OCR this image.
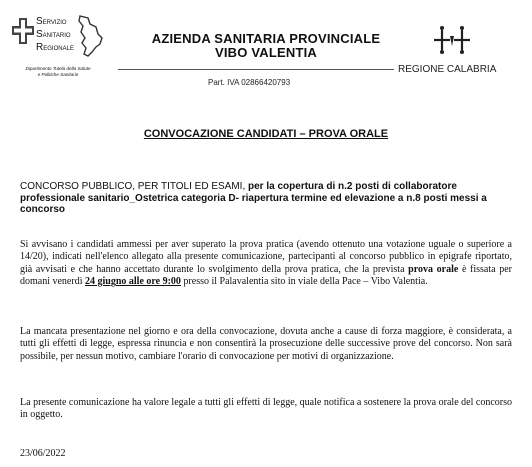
SERVIZIO
SANITARIO
REGIONALE
Dipartimento Tutela della Salute
e Politiche Sanitarie
AZIENDA SANITARIA PROVINCIALE
VIBO VALENTIA
REGIONE CALABRIA
Part. IVA 02866420793
CONVOCAZIONE CANDIDATI – PROVA ORALE
CONCORSO PUBBLICO, PER TITOLI ED ESAMI, per la copertura di n.2 posti di collaboratore professionale sanitario_Ostetrica categoria D- riapertura termine ed elevazione a n.8 posti messi a concorso
Si avvisano i candidati ammessi per aver superato la prova pratica (avendo ottenuto una votazione uguale o superiore a 14/20), indicati nell'elenco allegato alla presente comunicazione, partecipanti al concorso pubblico in epigrafe riportato, già avvisati e che hanno accettato durante lo svolgimento della prova pratica, che la prevista prova orale è fissata per domani venerdì 24 giugno alle ore 9:00 presso il Palavalentia sito in viale della Pace – Vibo Valentia.
La mancata presentazione nel giorno e ora della convocazione, dovuta anche a cause di forza maggiore, è considerata, a tutti gli effetti di legge, espressa rinuncia e non consentirà la prosecuzione delle successive prove del concorso. Non sarà possibile, per nessun motivo, cambiare l'orario di convocazione per motivi di organizzazione.
La presente comunicazione ha valore legale a tutti gli effetti di legge, quale notifica a sostenere la prova orale del concorso in oggetto.
23/06/2022
